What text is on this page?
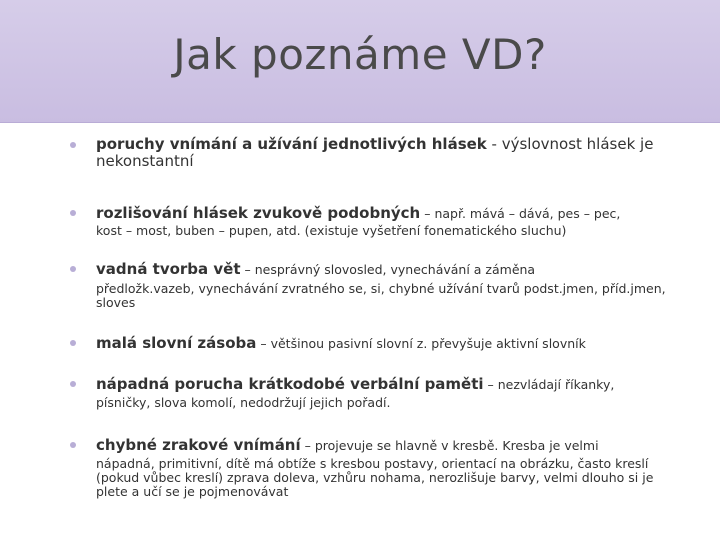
Jak poznáme VD?
poruchy vnímání a užívání jednotlivých hlásek - výslovnost hlásek je
nekonstantní
rozlišování hlásek zvukově podobných – např. mává – dává, pes – pec,
kost – most, buben – pupen, atd. (existuje vyšetření fonematického sluchu)
vadná tvorba vět – nesprávný slovosled, vynechávání a záměna
předložk.vazeb, vynechávání zvratného se, si, chybné užívání tvarů podst.jmen, příd.jmen, sloves
malá slovní zásoba – většinou pasivní slovní z. převyšuje aktivní slovník
nápadná porucha krátkodobé verbální paměti – nezvládají říkanky,
písničky, slova komolí, nedodržují jejich pořadí.
chybné zrakové vnímání – projevuje se hlavně v kresbě. Kresba je velmi
nápadná, primitivní, dítě má obtíže s kresbou postavy, orientací na obrázku, často kreslí (pokud vůbec kreslí) zprava doleva, vzhůru nohama, nerozlišuje barvy, velmi dlouho si je plete a učí se je pojmenovávat
